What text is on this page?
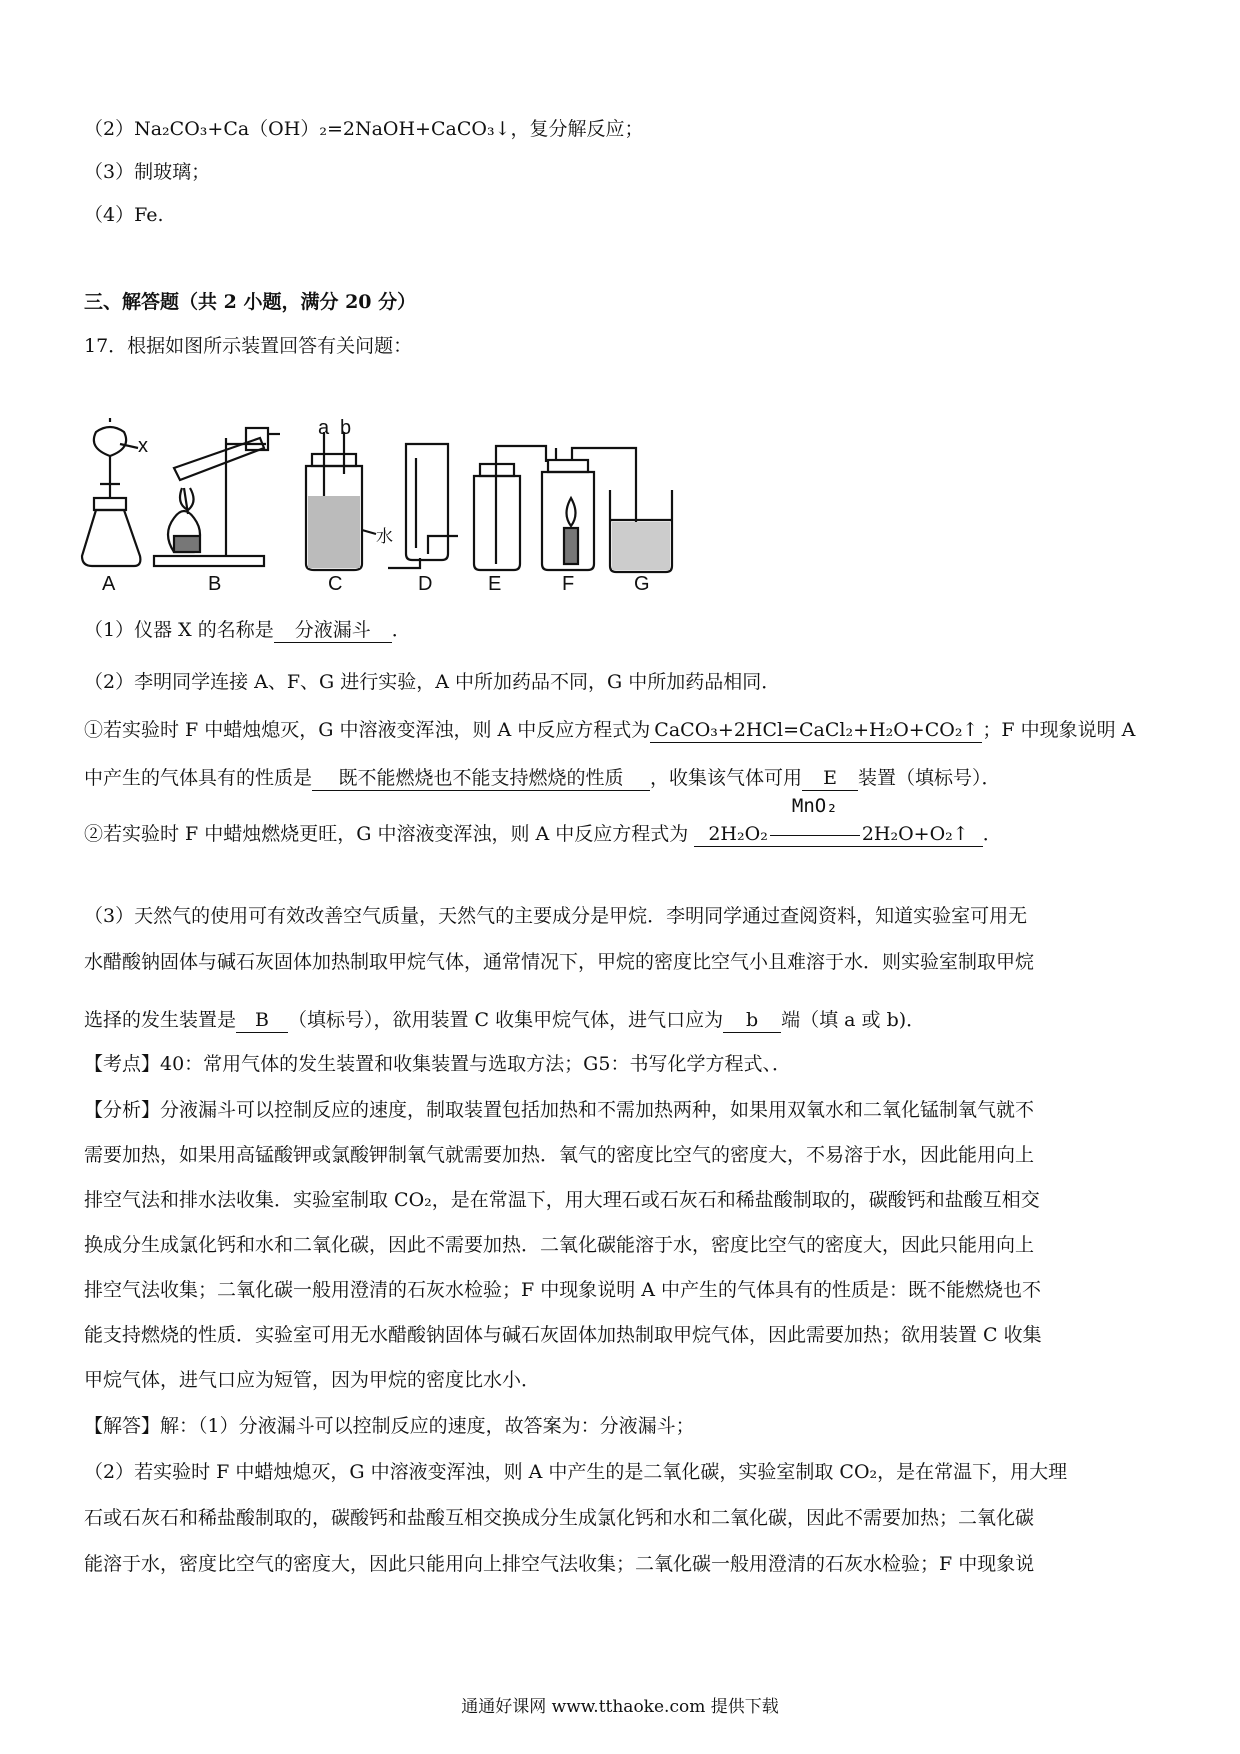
（2）Na₂CO₃+Ca（OH）₂=2NaOH+CaCO₃↓，复分解反应；
（3）制玻璃；
（4）Fe.
三、解答题（共 2 小题，满分 20 分）
17．根据如图所示装置回答有关问题：
x
a b
水
A	B	C	D	E	F	G
（1）仪器 X 的名称是 分液漏斗 ．
（2）李明同学连接 A、F、G 进行实验，A 中所加药品不同，G 中所加药品相同．
①若实验时 F 中蜡烛熄灭，G 中溶液变浑浊，则 A 中反应方程式为 CaCO₃+2HCl=CaCl₂+H₂O+CO₂↑ ；F 中现象说明 A
中产生的气体具有的性质是 既不能燃烧也不能支持燃烧的性质 ，收集该气体可用 E 装置（填标号）．
②若实验时 F 中蜡烛燃烧更旺，G 中溶液变浑浊，则 A 中反应方程式为 2H₂O₂
MnO₂
2H₂O+O₂↑ ．
（3）天然气的使用可有效改善空气质量，天然气的主要成分是甲烷．李明同学通过查阅资料，知道实验室可用无
水醋酸钠固体与碱石灰固体加热制取甲烷气体，通常情况下，甲烷的密度比空气小且难溶于水．则实验室制取甲烷
选择的发生装置是 B （填标号），欲用装置 C 收集甲烷气体，进气口应为 b 端（填 a 或 b)．
【考点】40：常用气体的发生装置和收集装置与选取方法；G5：书写化学方程式、．
【分析】分液漏斗可以控制反应的速度，制取装置包括加热和不需加热两种，如果用双氧水和二氧化锰制氧气就不
需要加热，如果用高锰酸钾或氯酸钾制氧气就需要加热．氧气的密度比空气的密度大，不易溶于水，因此能用向上
排空气法和排水法收集．实验室制取 CO₂，是在常温下，用大理石或石灰石和稀盐酸制取的，碳酸钙和盐酸互相交
换成分生成氯化钙和水和二氧化碳，因此不需要加热．二氧化碳能溶于水，密度比空气的密度大，因此只能用向上
排空气法收集；二氧化碳一般用澄清的石灰水检验；F 中现象说明 A 中产生的气体具有的性质是：既不能燃烧也不
能支持燃烧的性质．实验室可用无水醋酸钠固体与碱石灰固体加热制取甲烷气体，因此需要加热；欲用装置 C 收集
甲烷气体，进气口应为短管，因为甲烷的密度比水小．
【解答】解：（1）分液漏斗可以控制反应的速度，故答案为：分液漏斗；
（2）若实验时 F 中蜡烛熄灭，G 中溶液变浑浊，则 A 中产生的是二氧化碳，实验室制取 CO₂，是在常温下，用大理
石或石灰石和稀盐酸制取的，碳酸钙和盐酸互相交换成分生成氯化钙和水和二氧化碳，因此不需要加热；二氧化碳
能溶于水，密度比空气的密度大，因此只能用向上排空气法收集；二氧化碳一般用澄清的石灰水检验；F 中现象说
通通好课网 www.tthaoke.com 提供下载
